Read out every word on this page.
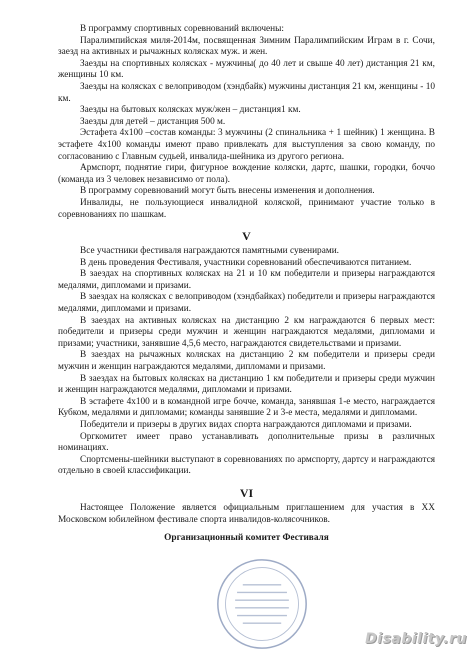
В программу спортивных соревнований включены:

Паралимпийская миля-2014м, посвященная Зимним Паралимпийским Играм в г. Сочи, заезд на активных и рычажных колясках муж. и жен.

Заезды на спортивных колясках - мужчины( до 40 лет и свыше 40 лет) дистанция 21 км, женщины 10 км.

Заезды на колясках с велоприводом (хэндбайк) мужчины дистанция 21 км, женщины - 10 км.

Заезды на бытовых колясках муж/жен – дистанция1 км.

Заезды для детей – дистанция 500 м.

Эстафета 4х100 –состав команды: 3 мужчины (2 спинальника + 1 шейник) 1 женщина. В эстафете 4х100 команды имеют право привлекать для выступления за свою команду, по согласованию с Главным судьей, инвалида-шейника из другого региона.

Армспорт, поднятие гири, фигурное вождение коляски, дартс, шашки, городки, боччо (команда из 3 человек независимо от пола).

В программу соревнований могут быть внесены изменения и дополнения.

Инвалиды, не пользующиеся инвалидной коляской, принимают участие только в соревнованиях по шашкам.

V

Все участники фестиваля награждаются памятными сувенирами.

В день проведения Фестиваля, участники соревнований обеспечиваются питанием.

В заездах на спортивных колясках на 21 и 10 км победители и призеры награждаются медалями, дипломами и призами.

В заездах на колясках с велоприводом (хэндбайках) победители и призеры награждаются медалями, дипломами и призами.

В заездах на активных колясках на дистанцию 2 км награждаются 6 первых мест: победители и призеры среди мужчин и женщин награждаются медалями, дипломами и призами; участники, занявшие 4,5,6 место, награждаются свидетельствами и призами.

В заездах на рычажных колясках на дистанцию 2 км победители и призеры среди мужчин и женщин награждаются медалями, дипломами и призами.

В заездах на бытовых колясках на дистанцию 1 км победители и призеры среди мужчин и женщин награждаются медалями, дипломами и призами.

В эстафете 4х100 и в командной игре бочче, команда, занявшая 1-е место, награждается Кубком, медалями и дипломами; команды занявшие 2 и 3-е места, медалями и дипломами.

Победители и призеры в других видах спорта награждаются дипломами и призами.

Оргкомитет имеет право устанавливать дополнительные призы в различных номинациях.

Спортсмены-шейники выступают в соревнованиях по армспорту, дартсу и награждаются отдельно в своей классификации.

VI

Настоящее Положение является официальным приглашением для участия в XX Московском юбилейном фестивале спорта инвалидов-колясочников.

Организационный комитет Фестиваля
Disability.ru
